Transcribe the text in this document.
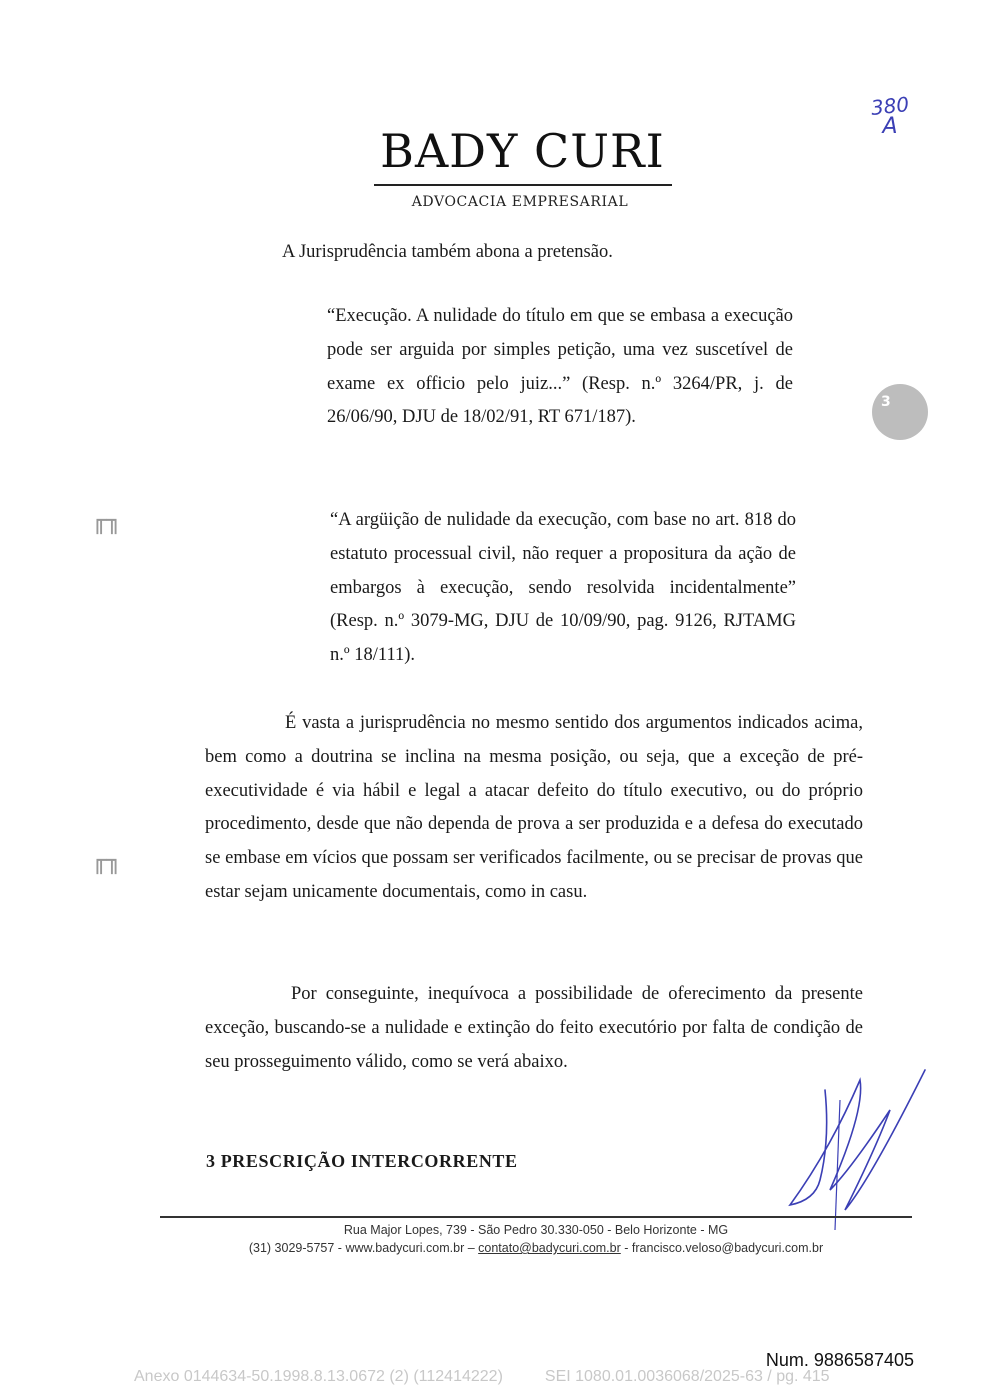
BADY CURI
ADVOCACIA EMPRESARIAL
380
A
3
╓╖
╓╖

A Jurisprudência também abona a pretensão.

“Execução. A nulidade do título em que se embasa a execução pode ser arguida por simples petição, uma vez suscetível de exame ex officio pelo juiz...” (Resp. n.º 3264/PR, j. de 26/06/90, DJU de 18/02/91, RT 671/187).

“A argüição de nulidade da execução, com base no art. 818 do estatuto processual civil, não requer a propositura da ação de embargos à execução, sendo resolvida incidentalmente” (Resp. n.º 3079-MG, DJU de 10/09/90, pag. 9126, RJTAMG n.º 18/111).

É vasta a jurisprudência no mesmo sentido dos argumentos indicados acima, bem como a doutrina se inclina na mesma posição, ou seja, que a exceção de pré-executividade é via hábil e legal a atacar defeito do título executivo, ou do próprio procedimento, desde que não dependa de prova a ser produzida e a defesa do executado se embase em vícios que possam ser verificados facilmente, ou se precisar de provas que estar sejam unicamente documentais, como in casu.

Por conseguinte, inequívoca a possibilidade de oferecimento da presente exceção, buscando-se a nulidade e extinção do feito executório por falta de condição de seu prosseguimento válido, como se verá abaixo.

3 PRESCRIÇÃO INTERCORRENTE
Rua Major Lopes, 739 - São Pedro 30.330-050 - Belo Horizonte - MG
(31) 3029-5757 - www.badycuri.com.br – contato@badycuri.com.br - francisco.veloso@badycuri.com.br
Num. 9886587405
Anexo 0144634-50.1998.8.13.0672 (2) (112414222)	SEI 1080.01.0036068/2025-63 / pg. 415
